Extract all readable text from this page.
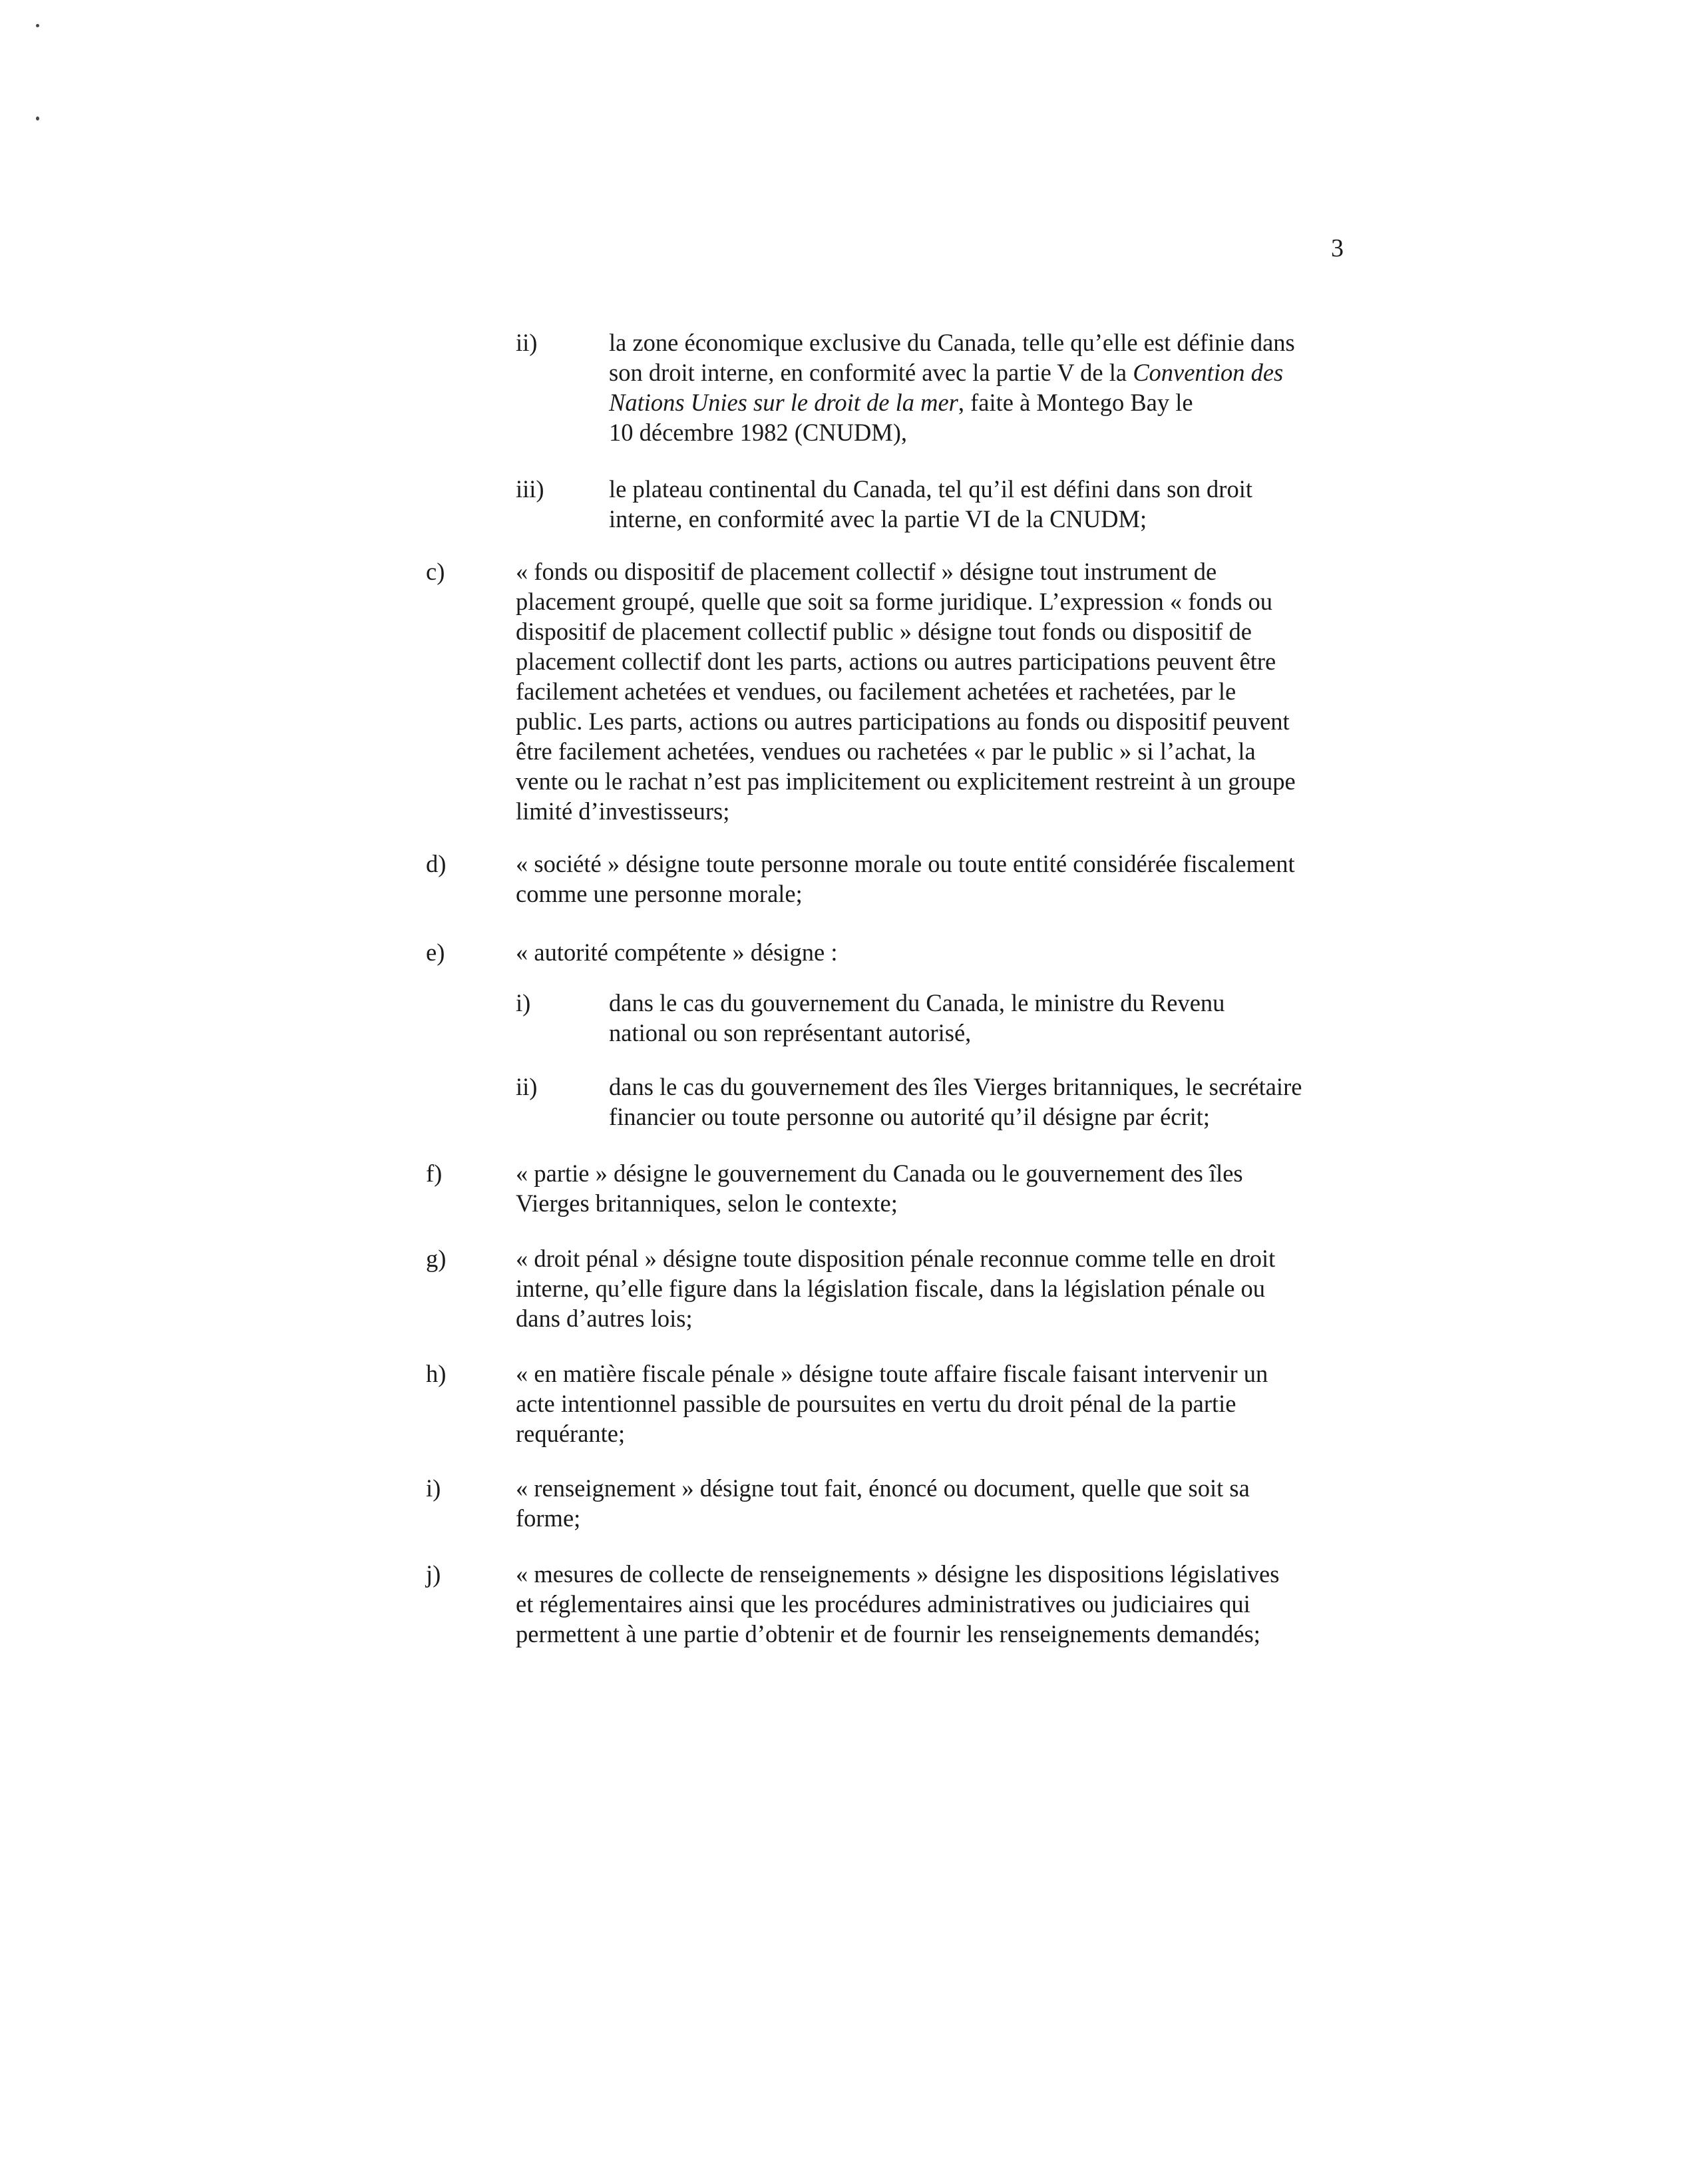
3
ii)	la zone économique exclusive du Canada, telle qu’elle est définie dans
son droit interne, en conformité avec la partie V de la Convention des
Nations Unies sur le droit de la mer, faite à Montego Bay le
10 décembre 1982 (CNUDM),
iii)	le plateau continental du Canada, tel qu’il est défini dans son droit
interne, en conformité avec la partie VI de la CNUDM;
c)	« fonds ou dispositif de placement collectif » désigne tout instrument de
placement groupé, quelle que soit sa forme juridique. L’expression « fonds ou
dispositif de placement collectif public » désigne tout fonds ou dispositif de
placement collectif dont les parts, actions ou autres participations peuvent être
facilement achetées et vendues, ou facilement achetées et rachetées, par le
public. Les parts, actions ou autres participations au fonds ou dispositif peuvent
être facilement achetées, vendues ou rachetées « par le public » si l’achat, la
vente ou le rachat n’est pas implicitement ou explicitement restreint à un groupe
limité d’investisseurs;
d)	« société » désigne toute personne morale ou toute entité considérée fiscalement
comme une personne morale;
e)	« autorité compétente » désigne :
i)	dans le cas du gouvernement du Canada, le ministre du Revenu
national ou son représentant autorisé,
ii)	dans le cas du gouvernement des îles Vierges britanniques, le secrétaire
financier ou toute personne ou autorité qu’il désigne par écrit;
f)	« partie » désigne le gouvernement du Canada ou le gouvernement des îles
Vierges britanniques, selon le contexte;
g)	« droit pénal » désigne toute disposition pénale reconnue comme telle en droit
interne, qu’elle figure dans la législation fiscale, dans la législation pénale ou
dans d’autres lois;
h)	« en matière fiscale pénale » désigne toute affaire fiscale faisant intervenir un
acte intentionnel passible de poursuites en vertu du droit pénal de la partie
requérante;
i)	« renseignement » désigne tout fait, énoncé ou document, quelle que soit sa
forme;
j)	« mesures de collecte de renseignements » désigne les dispositions législatives
et réglementaires ainsi que les procédures administratives ou judiciaires qui
permettent à une partie d’obtenir et de fournir les renseignements demandés;
